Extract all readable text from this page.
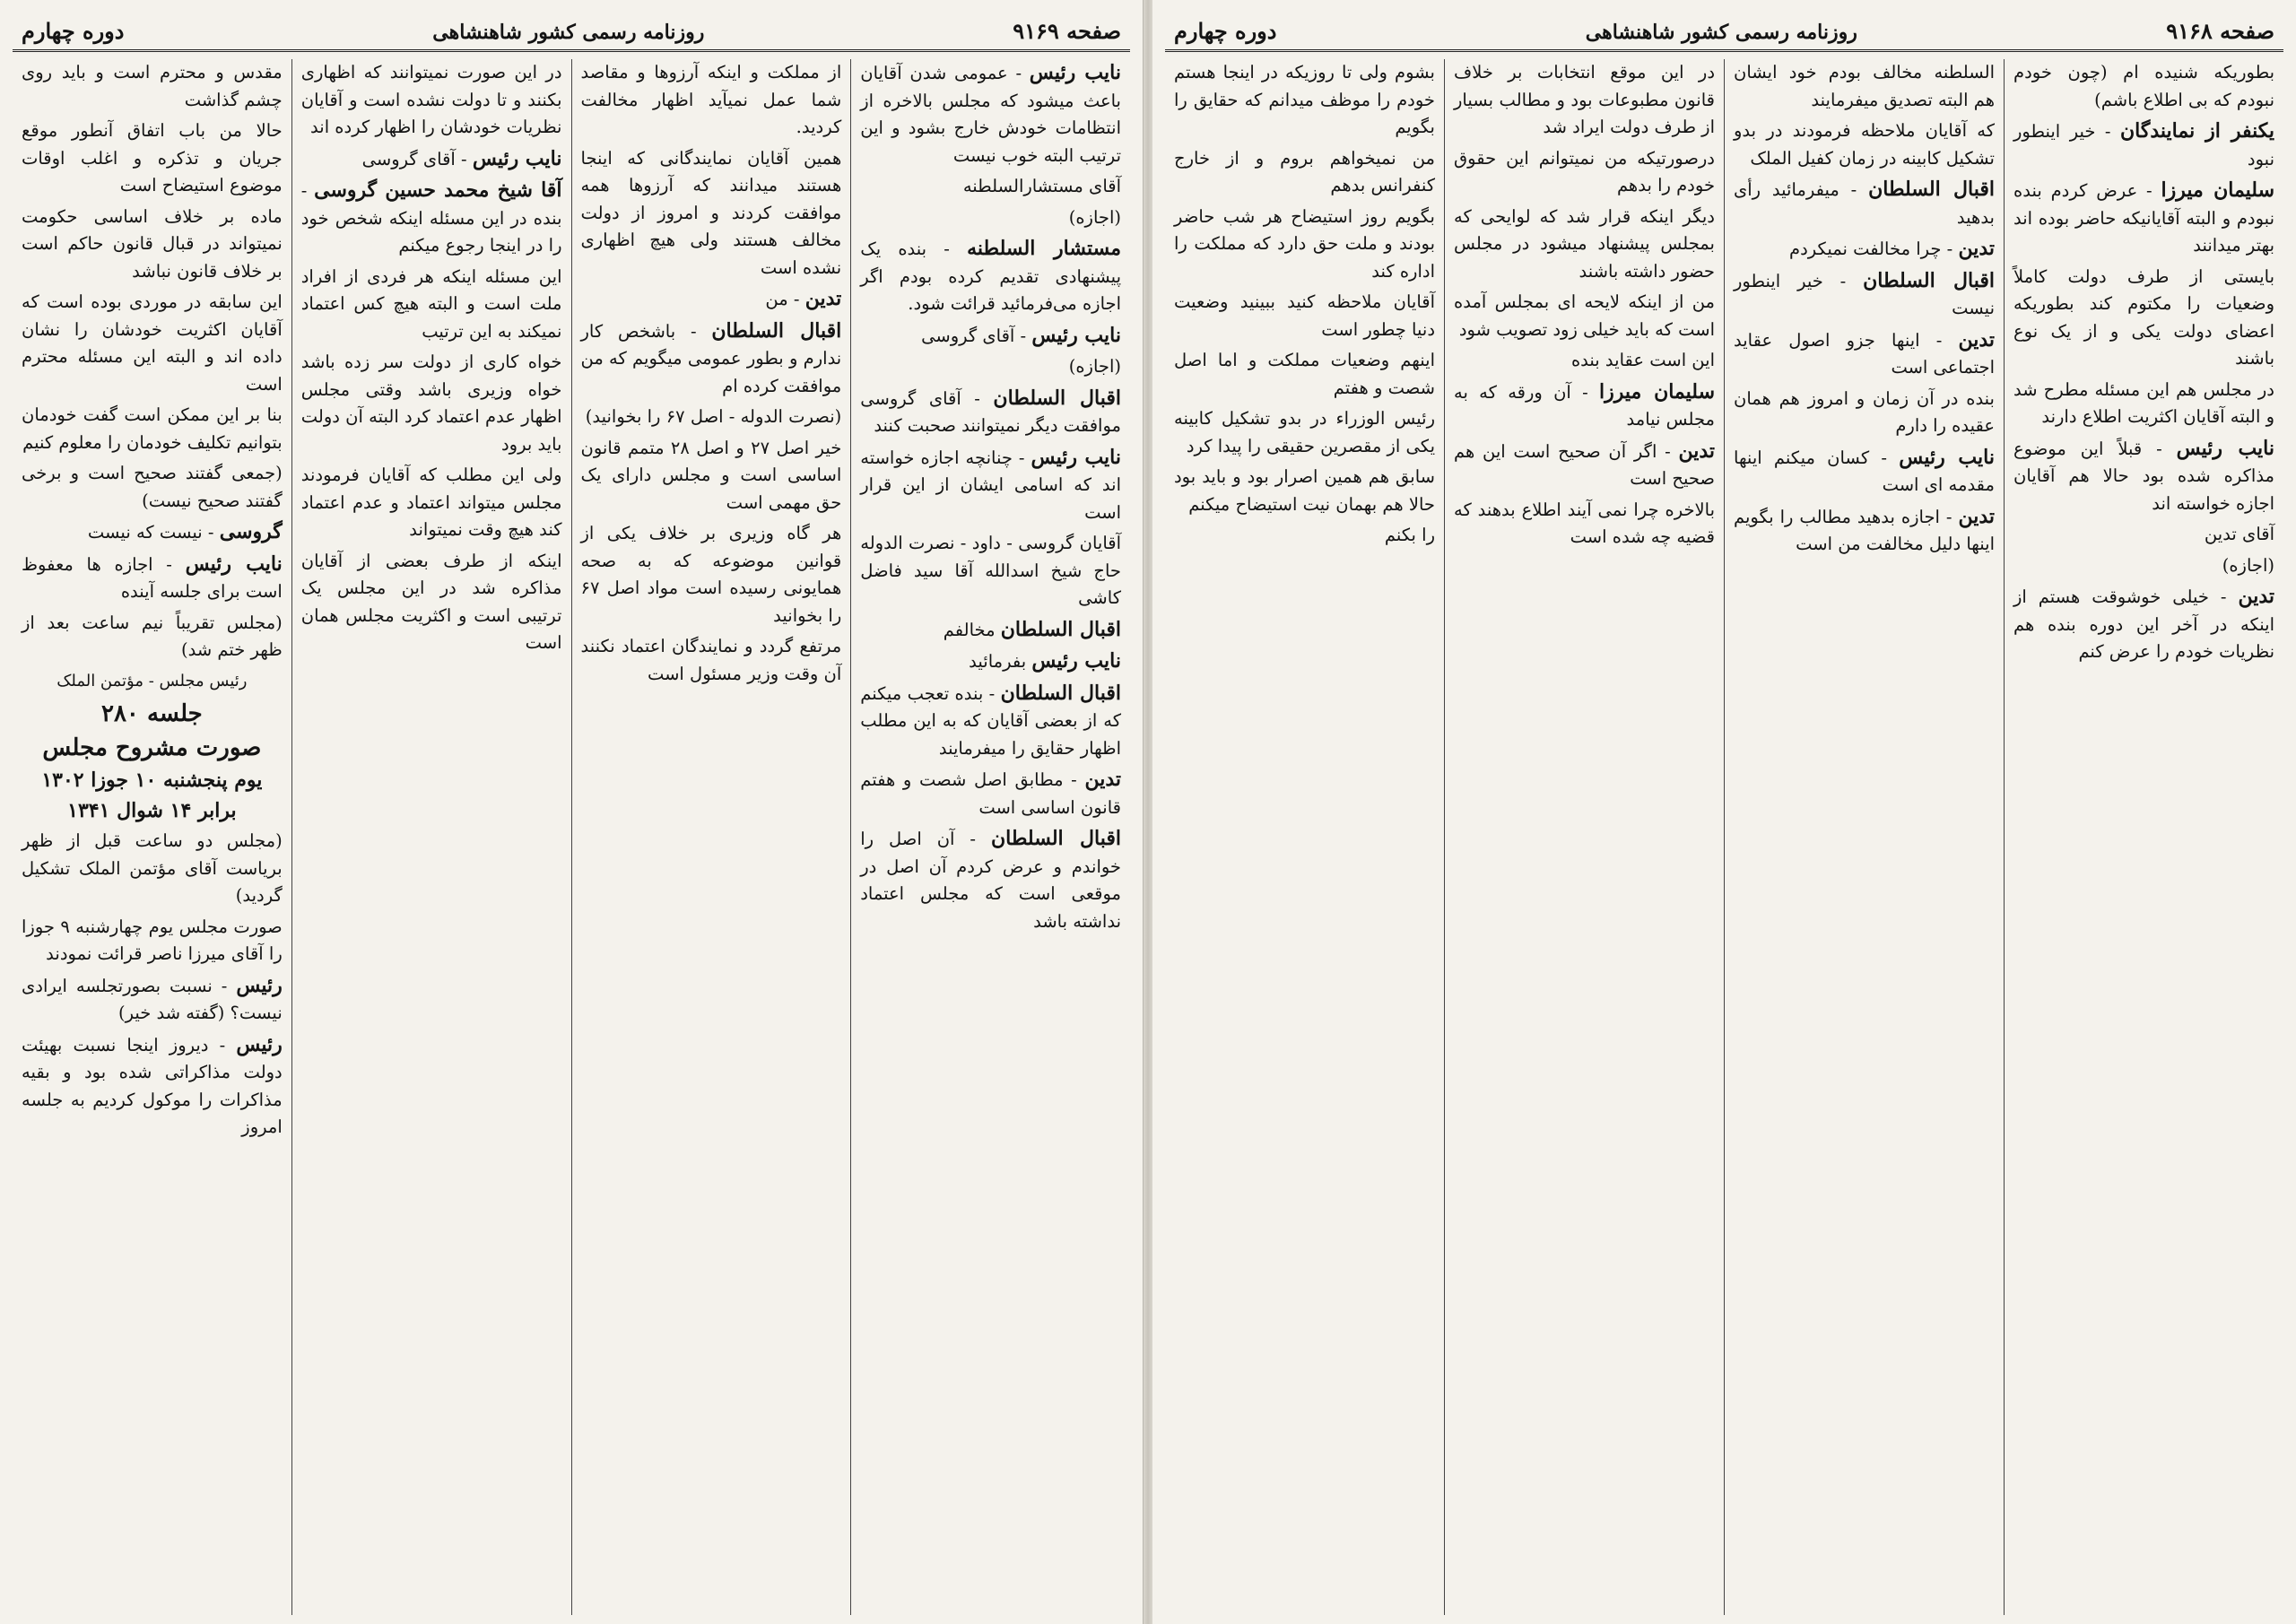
دوره چهارم	روزنامه رسمی کشور شاهنشاهی	صفحه ۹۱۶۹

نایب رئیس - عمومی شدن آقایان باعث میشود که مجلس بالاخره از انتظامات خودش خارج بشود و این ترتیب البته خوب نیست

آقای مستشارالسلطنه

(اجازه)

مستشار السلطنه - بنده یک پیشنهادی تقدیم کرده بودم اگر اجازه می‌فرمائید قرائت شود.

نایب رئیس - آقای گروسی

(اجازه)

اقبال السلطان - آقای گروسی موافقت دیگر نمیتوانند صحبت کنند

نایب رئیس - چنانچه اجازه خواسته اند که اسامی ایشان از این قرار است

آقایان گروسی - داود - نصرت الدوله حاج شیخ اسدالله آقا سید فاضل کاشی

اقبال السلطان مخالفم

نایب رئیس بفرمائید

اقبال السلطان - بنده تعجب میکنم که از بعضی آقایان که به این مطلب اظهار حقایق را میفرمایند

تدین - مطابق اصل شصت و هفتم قانون اساسی است

اقبال السلطان - آن اصل را خواندم و عرض کردم آن اصل در موقعی است که مجلس اعتماد نداشته باشد

از مملکت و اینکه آرزوها و مقاصد شما عمل نمیآید اظهار مخالفت کردید.

همین آقایان نمایندگانی که اینجا هستند میدانند که آرزوها همه موافقت کردند و امروز از دولت مخالف هستند ولی هیچ اظهاری نشده است

تدین - من

اقبال السلطان - باشخص کار ندارم و بطور عمومی میگویم که من موافقت کرده ام

(نصرت الدوله - اصل ۶۷ را بخوانید)

خیر اصل ۲۷ و اصل ۲۸ متمم قانون اساسی است و مجلس دارای یک حق مهمی است

هر گاه وزیری بر خلاف یکی از قوانین موضوعه که به صحه همایونی رسیده است مواد اصل ۶۷ را بخوانید

مرتفع گردد و نمایندگان اعتماد نکنند آن وقت وزیر مسئول است

در این صورت نمیتوانند که اظهاری بکنند و تا دولت نشده است و آقایان نظریات خودشان را اظهار کرده اند

نایب رئیس - آقای گروسی

آقا شیخ محمد حسین گروسی - بنده در این مسئله اینکه شخص خود را در اینجا رجوع میکنم

این مسئله اینکه هر فردی از افراد ملت است و البته هیچ کس اعتماد نمیکند به این ترتیب

خواه کاری از دولت سر زده باشد خواه وزیری باشد وقتی مجلس اظهار عدم اعتماد کرد البته آن دولت باید برود

ولی این مطلب که آقایان فرمودند مجلس میتواند اعتماد و عدم اعتماد کند هیچ وقت نمیتواند

اینکه از طرف بعضی از آقایان مذاکره شد در این مجلس یک ترتیبی است و اکثریت مجلس همان است

مقدس و محترم است و باید روی چشم گذاشت

حالا من باب اتفاق آنطور موقع جریان و تذکره و اغلب اوقات موضوع استیضاح است

ماده بر خلاف اساسی حکومت نمیتواند در قبال قانون حاکم است بر خلاف قانون نباشد

این سابقه در موردی بوده است که آقایان اکثریت خودشان را نشان داده اند و البته این مسئله محترم است

بنا بر این ممکن است گفت خودمان بتوانیم تکلیف خودمان را معلوم کنیم

(جمعی گفتند صحیح است و برخی گفتند صحیح نیست)

گروسی - نیست که نیست

نایب رئیس - اجازه ها معفوظ است برای جلسه آینده

(مجلس تقریباً نیم ساعت بعد از ظهر ختم شد)

رئیس مجلس - مؤتمن الملک

جلسه ۲۸۰

صورت مشروح مجلس

یوم پنجشنبه ۱۰ جوزا ۱۳۰۲

برابر ۱۴ شوال ۱۳۴۱

(مجلس دو ساعت قبل از ظهر بریاست آقای مؤتمن الملک تشکیل گردید)

صورت مجلس یوم چهارشنبه ۹ جوزا را آقای میرزا ناصر قرائت نمودند

رئیس - نسبت بصورتجلسه ایرادی نیست؟ (گفته شد خیر)

رئیس - دیروز اینجا نسبت بهیئت دولت مذاکراتی شده بود و بقیه مذاکرات را موکول کردیم به جلسه امروز

دوره چهارم	روزنامه رسمی کشور شاهنشاهی	صفحه ۹۱۶۸

بطوریکه شنیده ام (چون خودم نبودم که بی اطلاع باشم)

یکنفر از نمایندگان - خیر اینطور نبود

سلیمان میرزا - عرض کردم بنده نبودم و البته آقایانیکه حاضر بوده اند بهتر میدانند

بایستی از طرف دولت کاملاً وضعیات را مکتوم کند بطوریکه اعضای دولت یکی و از یک نوع باشند

در مجلس هم این مسئله مطرح شد و البته آقایان اکثریت اطلاع دارند

نایب رئیس - قبلاً این موضوع مذاکره شده بود حالا هم آقایان اجازه خواسته اند

آقای تدین

(اجازه)

تدین - خیلی خوشوقت هستم از اینکه در آخر این دوره بنده هم نظریات خودم را عرض کنم

السلطنه مخالف بودم خود ایشان هم البته تصدیق میفرمایند

که آقایان ملاحظه فرمودند در بدو تشکیل کابینه در زمان کفیل الملک

اقبال السلطان - میفرمائید رأی بدهید

تدین - چرا مخالفت نمیکردم

اقبال السلطان - خیر اینطور نیست

تدین - اینها جزو اصول عقاید اجتماعی است

بنده در آن زمان و امروز هم همان عقیده را دارم

نایب رئیس - کسان میکنم اینها مقدمه ای است

تدین - اجازه بدهید مطالب را بگویم اینها دلیل مخالفت من است

در این موقع انتخابات بر خلاف قانون مطبوعات بود و مطالب بسیار از طرف دولت ایراد شد

درصورتیکه من نمیتوانم این حقوق خودم را بدهم

دیگر اینکه قرار شد که لوایحی که بمجلس پیشنهاد میشود در مجلس حضور داشته باشند

من از اینکه لایحه ای بمجلس آمده است که باید خیلی زود تصویب شود

این است عقاید بنده

سلیمان میرزا - آن ورقه که به مجلس نیامد

تدین - اگر آن صحیح است این هم صحیح است

بالاخره چرا نمی آیند اطلاع بدهند که قضیه چه شده است

بشوم ولی تا روزیکه در اینجا هستم خودم را موظف میدانم که حقایق را بگویم

من نمیخواهم بروم و از خارج کنفرانس بدهم

بگویم روز استیضاح هر شب حاضر بودند و ملت حق دارد که مملکت را اداره کند

آقایان ملاحظه کنید ببینید وضعیت دنیا چطور است

اینهم وضعیات مملکت و اما اصل شصت و هفتم

رئیس الوزراء در بدو تشکیل کابینه یکی از مقصرین حقیقی را پیدا کرد

سابق هم همین اصرار بود و باید بود حالا هم بهمان نیت استیضاح میکنم

را بکنم
